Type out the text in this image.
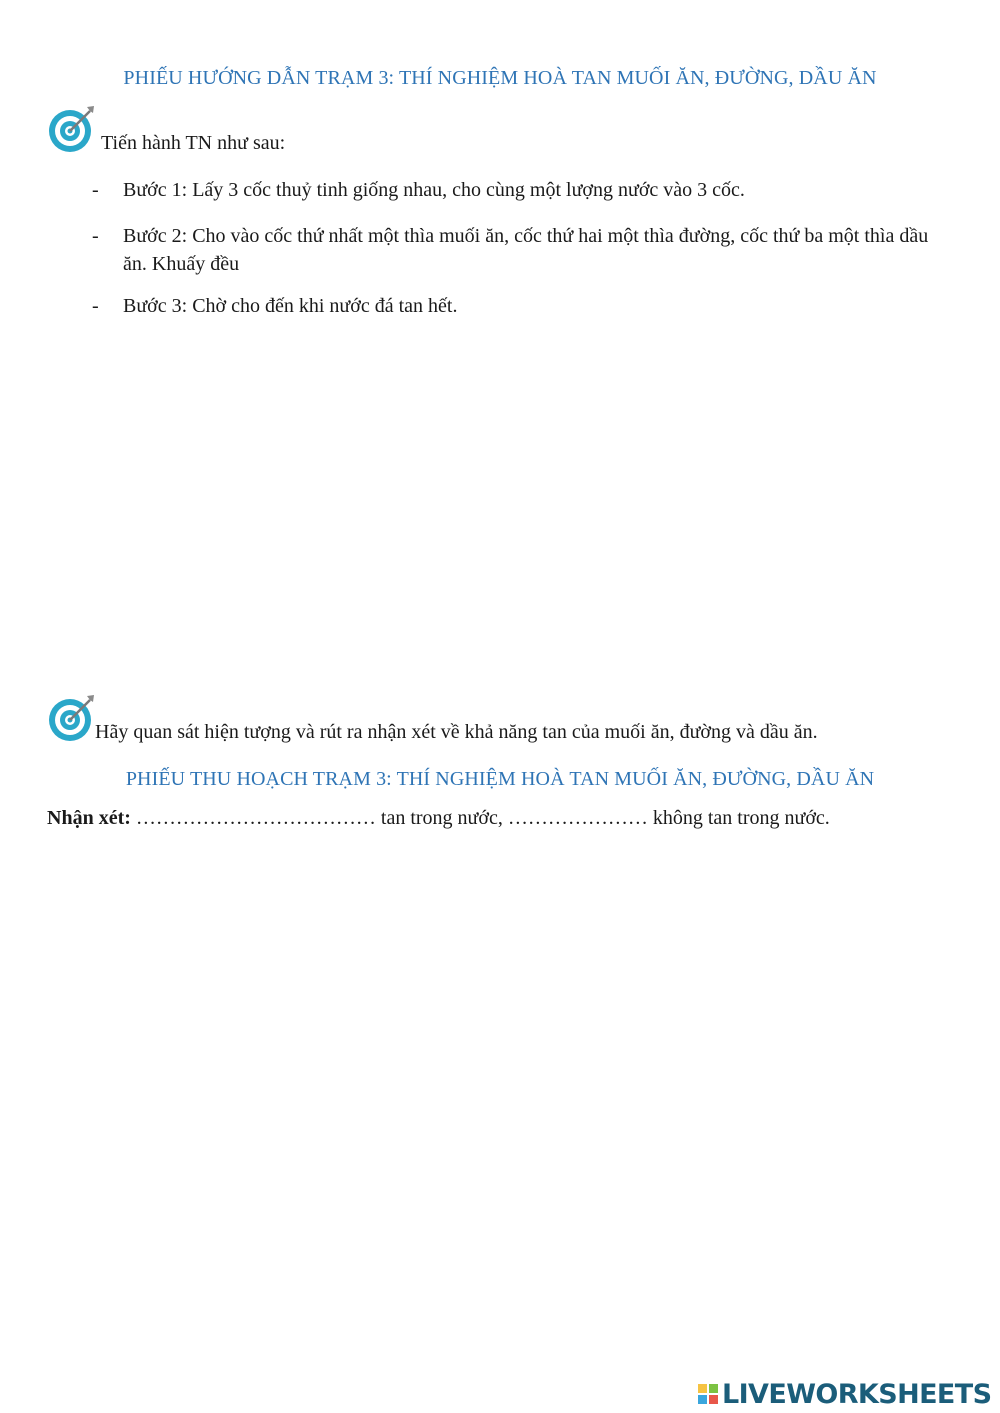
PHIẾU HƯỚNG DẪN TRẠM 3: THÍ NGHIỆM HOÀ TAN MUỐI ĂN, ĐƯỜNG, DẦU ĂN
Tiến hành TN như sau:
- Bước 1: Lấy 3 cốc thuỷ tinh giống nhau, cho cùng một lượng nước vào 3 cốc.
- Bước 2: Cho vào cốc thứ nhất một thìa muối ăn, cốc thứ hai một thìa đường, cốc thứ ba một thìa dầu ăn. Khuấy đều
- Bước 3: Chờ cho đến khi nước đá tan hết.
Hãy quan sát hiện tượng và rút ra nhận xét về khả năng tan của muối ăn, đường và dầu ăn.
PHIẾU THU HOẠCH TRẠM 3: THÍ NGHIỆM HOÀ TAN MUỐI ĂN, ĐƯỜNG, DẦU ĂN
Nhận xét: ……………………………… tan trong nước, ………………… không tan trong nước.
LIVEWORKSHEETS
